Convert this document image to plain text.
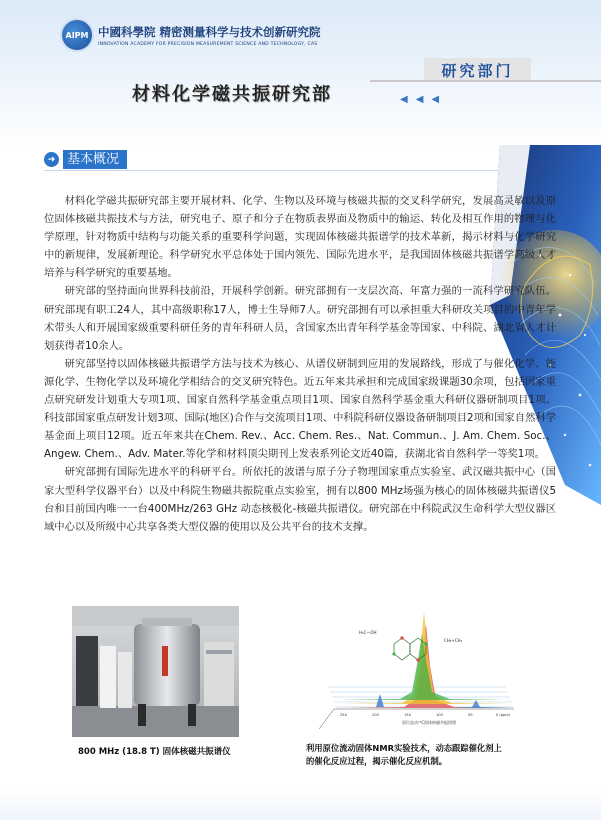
AIPM 中國科學院 精密测量科学与技术创新研究院
INNOVATION ACADEMY FOR PRECISION MEASUREMENT SCIENCE AND TECHNOLOGY, CAS
研究部门
材料化学磁共振研究部	◀◀◀
➜ 基本概况

材料化学磁共振研究部主要开展材料、化学、生物以及环境与核磁共振的交叉科学研究，发展高灵敏以及原位固体核磁共振技术与方法，研究电子、原子和分子在物质表界面及物质中的输运、转化及相互作用的物理与化学原理，针对物质中结构与功能关系的重要科学问题，实现固体核磁共振谱学的技术革新，揭示材料与化学研究中的新规律，发展新理论。科学研究水平总体处于国内领先、国际先进水平，是我国固体核磁共振谱学高级人才培养与科学研究的重要基地。

研究部的坚持面向世界科技前沿，开展科学创新。研究部拥有一支层次高、年富力强的一流科学研究队伍。研究部现有职工24人，其中高级职称17人，博士生导师7人。研究部拥有可以承担重大科研攻关项目的中青年学术带头人和开展国家级重要科研任务的青年科研人员，含国家杰出青年科学基金等国家、中科院、湖北省人才计划获得者10余人。

研究部坚持以固体核磁共振谱学方法与技术为核心、从谱仪研制到应用的发展路线，形成了与催化化学、能源化学、生物化学以及环境化学相结合的交叉研究特色。近五年来共承担和完成国家级课题30余项，包括国家重点研究研发计划重大专项1项、国家自然科学基金重点项目1项、国家自然科学基金重大科研仪器研制项目1项、科技部国家重点研发计划3项、国际(地区)合作与交流项目1项、中科院科研仪器设备研制项目2项和国家自然科学基金面上项目12项。近五年来共在Chem. Rev.、Acc. Chem. Res.、Nat. Commun.、J. Am. Chem. Soc.、Angew. Chem.、Adv. Mater.等化学和材料顶尖期刊上发表系列论文近40篇，获湖北省自然科学一等奖1项。

研究部拥有国际先进水平的科研平台。所依托的波谱与原子分子物理国家重点实验室、武汉磁共振中心（国家大型科学仪器平台）以及中科院生物磁共振院重点实验室，拥有以800 MHz场强为核心的固体核磁共振谱仪5台和目前国内唯一一台400MHz/263 GHz 动态核极化-核磁共振谱仪。研究部在中科院武汉生命科学大型仪器区域中心以及所级中心共享各类大型仪器的使用以及公共平台的技术支撑。

800 MHz (18.8 T) 固体核磁共振谱仪
H₃C—OH
CH₃+CH₃
250	200	150	100	50	0 (ppm)
原位流动¹³C固体核磁共振图谱
利用原位流动固体NMR实验技术，动态跟踪催化剂上
的催化反应过程，揭示催化反应机制。
